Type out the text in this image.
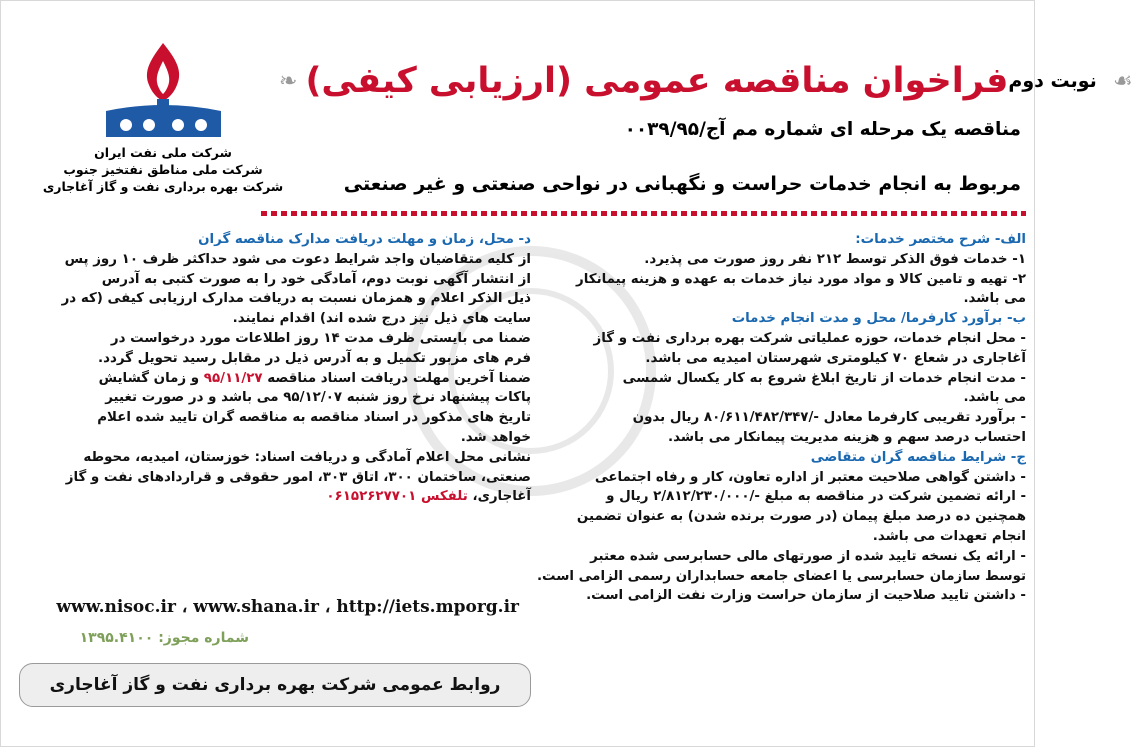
شرکت ملی نفت ایران
شرکت ملی مناطق نفتخیز جنوب
شرکت بهره برداری نفت و گاز آغاجاری
❧ فراخوان مناقصه عمومی (ارزیابی کیفی) نوبت دوم ☙
مناقصه یک مرحله ای شماره مم آج/۰۰۳۹/۹۵
مربوط به انجام خدمات حراست و نگهبانی در نواحی صنعتی و غیر صنعتی
الف- شرح مختصر خدمات:
۱- خدمات فوق الذکر توسط ۲۱۲ نفر روز صورت می پذیرد.
۲- تهیه و تامین کالا و مواد مورد نیاز خدمات به عهده و هزینه پیمانکار
می باشد.
ب- برآورد کارفرما/ محل و مدت انجام خدمات
- محل انجام خدمات، حوزه عملیاتی شرکت بهره برداری نفت و گاز
آغاجاری در شعاع ۷۰ کیلومتری شهرستان امیدیه می باشد.
- مدت انجام خدمات از تاریخ ابلاغ شروع به کار یکسال شمسی
می باشد.
- برآورد تقریبی کارفرما معادل -/۸۰/۶۱۱/۴۸۲/۳۴۷ ریال بدون
احتساب درصد سهم و هزینه مدیریت پیمانکار می باشد.
ج- شرایط مناقصه گران متقاضی
- داشتن گواهی صلاحیت معتبر از اداره تعاون، کار و رفاه اجتماعی
- ارائه تضمین شرکت در مناقصه به مبلغ -/۲/۸۱۲/۲۳۰/۰۰۰ ریال و
همچنین ده درصد مبلغ پیمان (در صورت برنده شدن) به عنوان تضمین
انجام تعهدات می باشد.
- ارائه یک نسخه تایید شده از صورتهای مالی حسابرسی شده معتبر
توسط سازمان حسابرسی یا اعضای جامعه حسابداران رسمی الزامی است.
- داشتن تایید صلاحیت از سازمان حراست وزارت نفت الزامی است.
د- محل، زمان و مهلت دریافت مدارک مناقصه گران
از کلیه متقاضیان واجد شرایط دعوت می شود حداکثر ظرف ۱۰ روز پس
از انتشار آگهی نوبت دوم، آمادگی خود را به صورت کتبی به آدرس
ذیل الذکر اعلام و همزمان نسبت به دریافت مدارک ارزیابی کیفی (که در
سایت های ذیل نیز درج شده اند) اقدام نمایند.
ضمنا می بایستی ظرف مدت ۱۴ روز اطلاعات مورد درخواست در
فرم های مزبور تکمیل و به آدرس ذیل در مقابل رسید تحویل گردد.
ضمنا آخرین مهلت دریافت اسناد مناقصه ۹۵/۱۱/۲۷ و زمان گشایش
پاکات پیشنهاد نرخ روز شنبه ۹۵/۱۲/۰۷ می باشد و در صورت تغییر
تاریخ های مذکور در اسناد مناقصه به مناقصه گران تایید شده اعلام
خواهد شد.
نشانی محل اعلام آمادگی و دریافت اسناد: خوزستان، امیدیه، محوطه
صنعتی، ساختمان ۳۰۰، اتاق ۳۰۳، امور حقوقی و قراردادهای نفت و گاز
آغاجاری، تلفکس ۰۶۱۵۲۶۲۷۷۰۱
www.nisoc.ir ، www.shana.ir ، http://iets.mporg.ir
شماره مجوز: ۱۳۹۵.۴۱۰۰
روابط عمومی شرکت بهره برداری نفت و گاز آغاجاری
